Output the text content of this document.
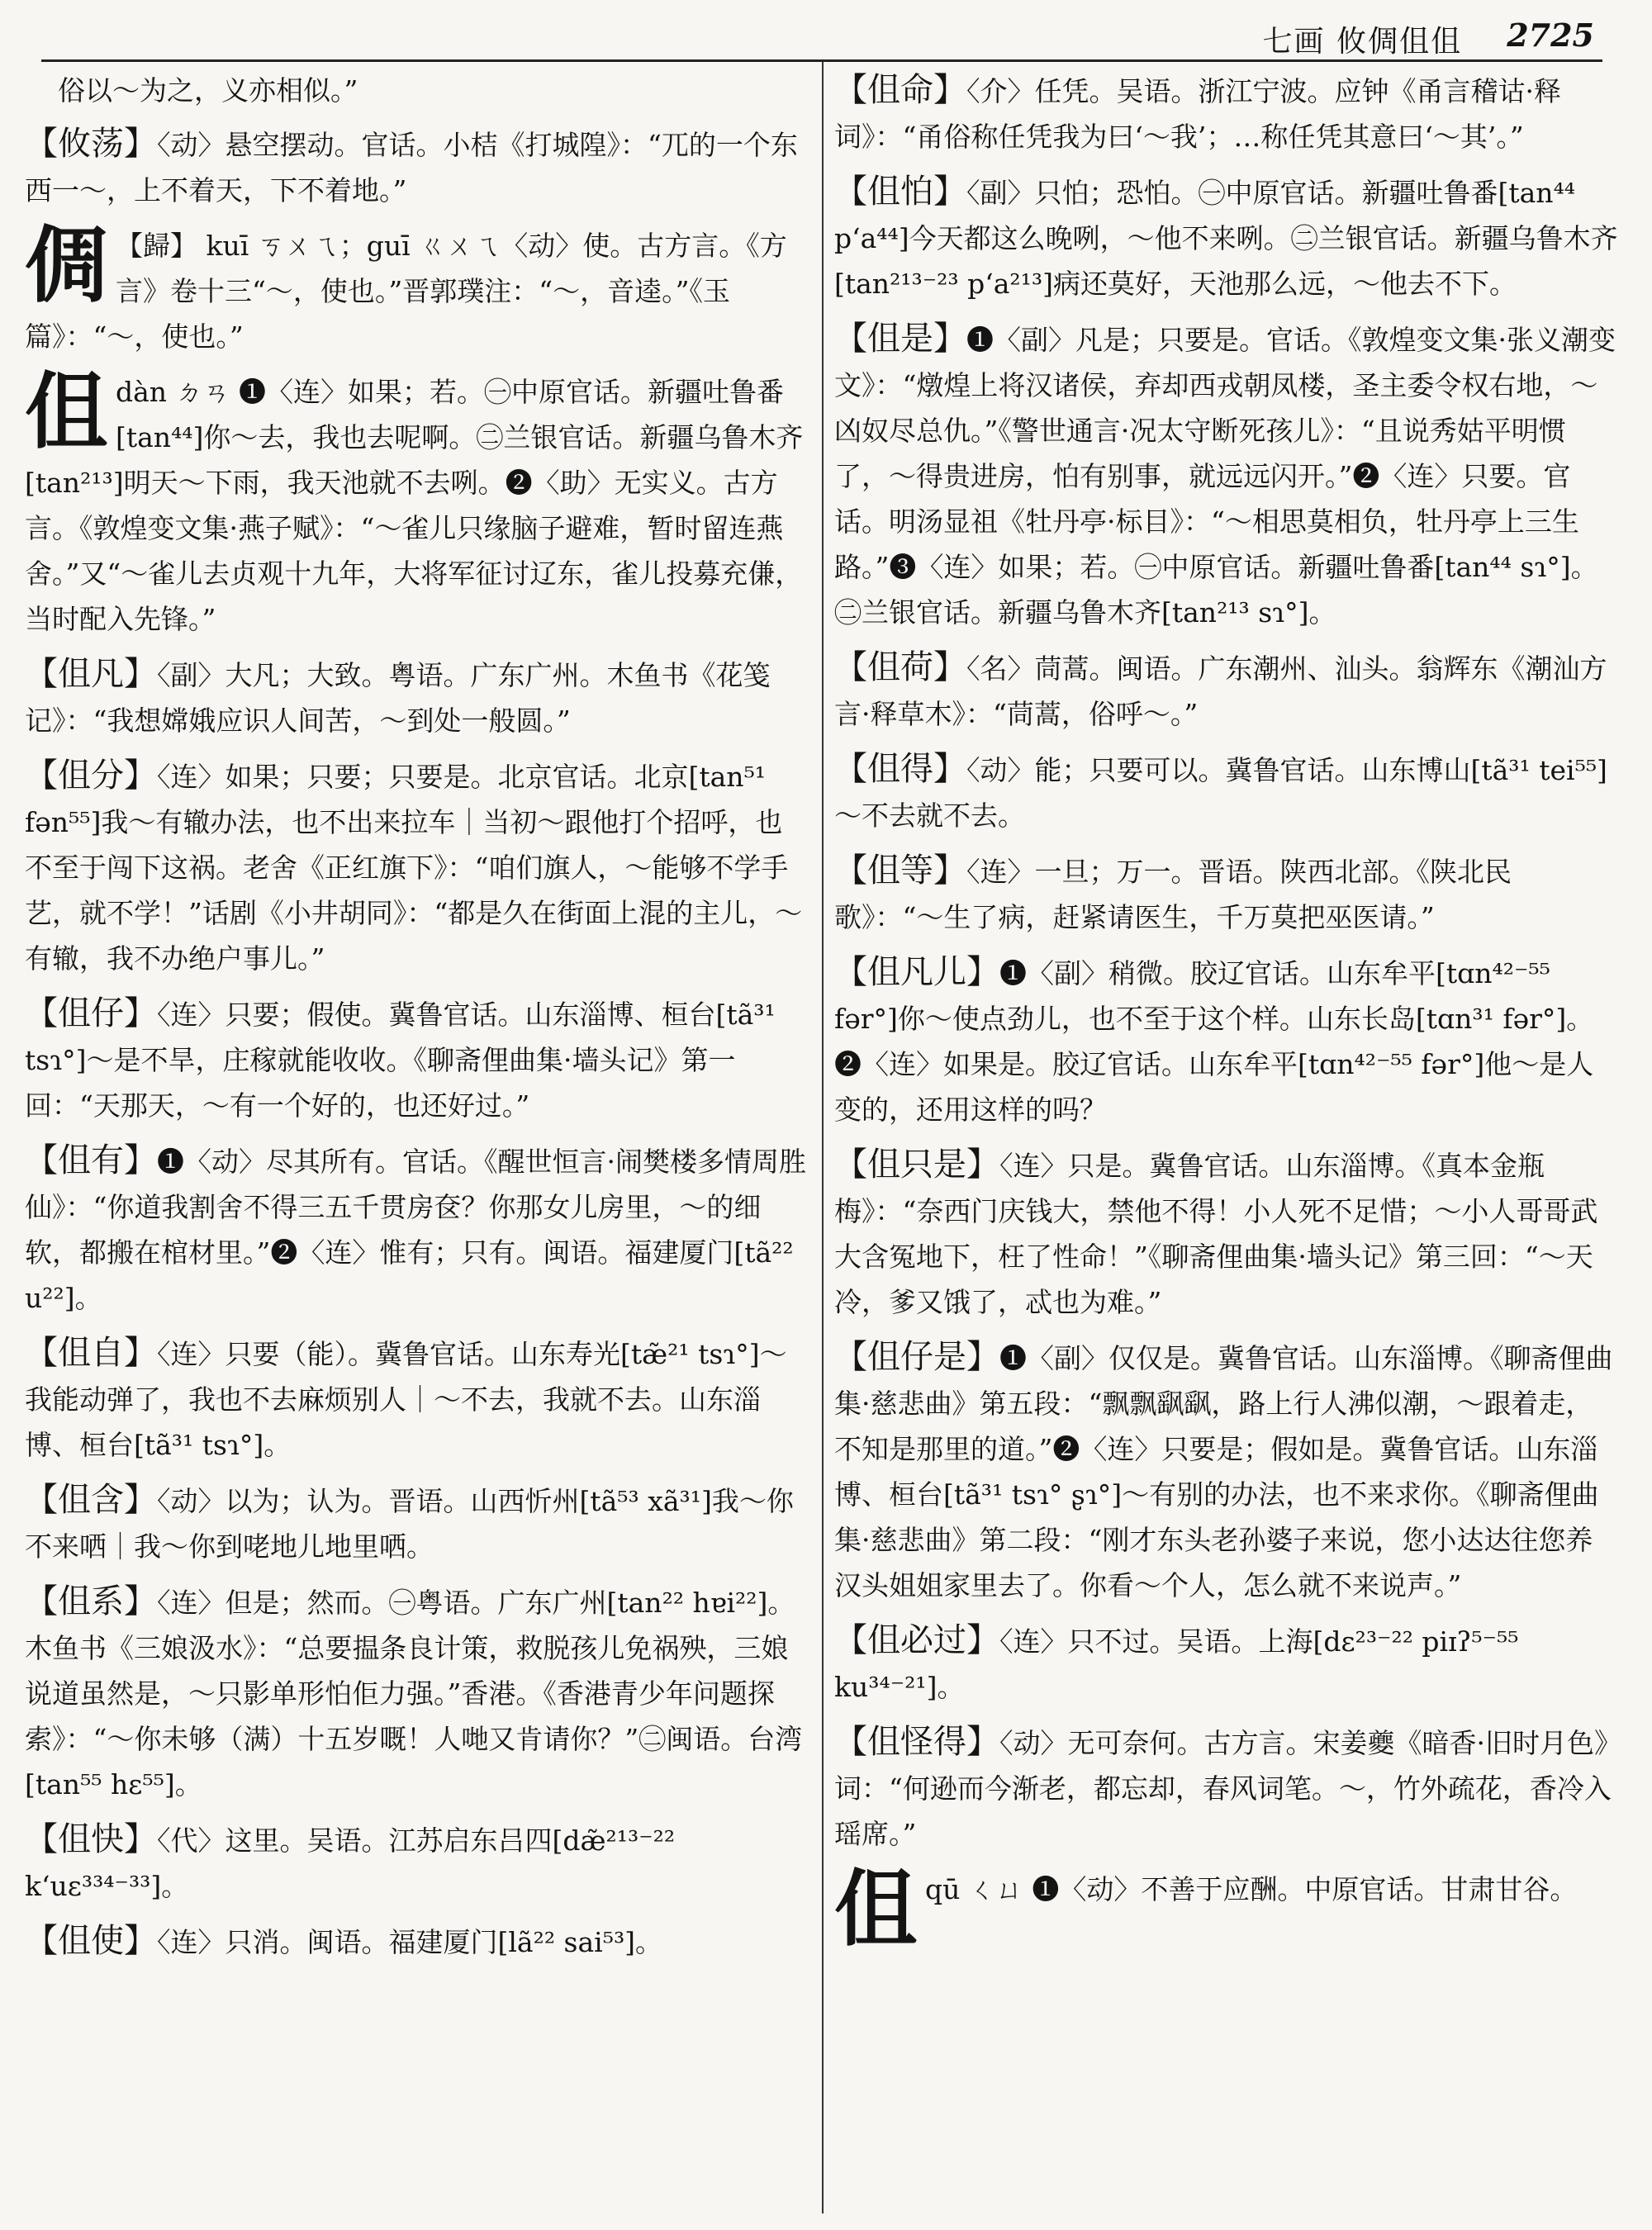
七画 攸倜伹伹 2725
俗以～为之，义亦相似。”
【攸荡】〈动〉悬空摆动。官话。小桔《打城隍》：“兀的一个东西一～，上不着天，下不着地。”
倜 【歸】 kuī ㄎㄨㄟ；guī ㄍㄨㄟ〈动〉使。古方言。《方言》卷十三“～，使也。”晋郭璞注：“～，音逵。”《玉篇》：“～，使也。”
伹dàn ㄉㄢ ❶〈连〉如果；若。㊀中原官话。新疆吐鲁番[tan⁴⁴]你～去，我也去呢啊。㊁兰银官话。新疆乌鲁木齐[tan²¹³]明天～下雨，我天池就不去咧。❷〈助〉无实义。古方言。《敦煌变文集·燕子赋》：“～雀儿只缘脑子避难，暂时留连燕舍。”又“～雀儿去贞观十九年，大将军征讨辽东，雀儿投募充傔，当时配入先锋。”
【伹凡】〈副〉大凡；大致。粤语。广东广州。木鱼书《花笺记》：“我想嫦娥应识人间苦，～到处一般圆。”
【伹分】〈连〉如果；只要；只要是。北京官话。北京[tan⁵¹ fən⁵⁵]我～有辙办法，也不出来拉车｜当初～跟他打个招呼，也不至于闯下这祸。老舍《正红旗下》：“咱们旗人，～能够不学手艺，就不学！”话剧《小井胡同》：“都是久在街面上混的主儿，～有辙，我不办绝户事儿。”
【伹仔】〈连〉只要；假使。冀鲁官话。山东淄博、桓台[tã³¹ tsɿ°]～是不旱，庄稼就能收收。《聊斋俚曲集·墙头记》第一回：“天那天，～有一个好的，也还好过。”
【伹有】❶〈动〉尽其所有。官话。《醒世恒言·闹樊楼多情周胜仙》：“你道我割舍不得三五千贯房奁？你那女儿房里，～的细软，都搬在棺材里。”❷〈连〉惟有；只有。闽语。福建厦门[tã²² u²²]。
【伹自】〈连〉只要（能）。冀鲁官话。山东寿光[tæ̃²¹ tsɿ°]～我能动弹了，我也不去麻烦别人｜～不去，我就不去。山东淄博、桓台[tã³¹ tsɿ°]。
【伹含】〈动〉以为；认为。晋语。山西忻州[tã⁵³ xã³¹]我～你不来哂｜我～你到咾地儿地里哂。
【伹系】〈连〉但是；然而。㊀粤语。广东广州[tan²² hɐi²²]。木鱼书《三娘汲水》：“总要揾条良计策，救脱孩儿免祸殃，三娘说道虽然是，～只影单形怕佢力强。”香港。《香港青少年问题探索》：“～你未够（满）十五岁嘅！人哋又肯请你？”㊁闽语。台湾[tan⁵⁵ hɛ⁵⁵]。
【伹快】〈代〉这里。吴语。江苏启东吕四[dæ̃²¹³⁻²² k‘uɛ³³⁴⁻³³]。
【伹使】〈连〉只消。闽语。福建厦门[lã²² sai⁵³]。
【伹命】〈介〉任凭。吴语。浙江宁波。应钟《甬言稽诂·释词》：“甬俗称任凭我为曰‘～我’；…称任凭其意曰‘～其’。”
【伹怕】〈副〉只怕；恐怕。㊀中原官话。新疆吐鲁番[tan⁴⁴ p‘a⁴⁴]今天都这么晚咧，～他不来咧。㊁兰银官话。新疆乌鲁木齐[tan²¹³⁻²³ p‘a²¹³]病还莫好，天池那么远，～他去不下。
【伹是】❶〈副〉凡是；只要是。官话。《敦煌变文集·张义潮变文》：“燉煌上将汉诸侯，弃却西戎朝凤楼，圣主委令权右地，～凶奴尽总仇。”《警世通言·况太守断死孩儿》：“且说秀姑平明惯了，～得贵进房，怕有别事，就远远闪开。”❷〈连〉只要。官话。明汤显祖《牡丹亭·标目》：“～相思莫相负，牡丹亭上三生路。”❸〈连〉如果；若。㊀中原官话。新疆吐鲁番[tan⁴⁴ sɿ°]。㊁兰银官话。新疆乌鲁木齐[tan²¹³ sɿ°]。
【伹荷】〈名〉茼蒿。闽语。广东潮州、汕头。翁辉东《潮汕方言·释草木》：“茼蒿，俗呼～。”
【伹得】〈动〉能；只要可以。冀鲁官话。山东博山[tã³¹ tei⁵⁵]～不去就不去。
【伹等】〈连〉一旦；万一。晋语。陕西北部。《陕北民歌》：“～生了病，赶紧请医生，千万莫把巫医请。”
【伹凡儿】❶〈副〉稍微。胶辽官话。山东牟平[tɑn⁴²⁻⁵⁵ fər°]你～使点劲儿，也不至于这个样。山东长岛[tɑn³¹ fər°]。❷〈连〉如果是。胶辽官话。山东牟平[tɑn⁴²⁻⁵⁵ fər°]他～是人变的，还用这样的吗？
【伹只是】〈连〉只是。冀鲁官话。山东淄博。《真本金瓶梅》：“奈西门庆钱大，禁他不得！小人死不足惜；～小人哥哥武大含冤地下，枉了性命！”《聊斋俚曲集·墙头记》第三回：“～天冷，爹又饿了，忒也为难。”
【伹仔是】❶〈副〉仅仅是。冀鲁官话。山东淄博。《聊斋俚曲集·慈悲曲》第五段：“飘飘飖飖，路上行人沸似潮，～跟着走，不知是那里的道。”❷〈连〉只要是；假如是。冀鲁官话。山东淄博、桓台[tã³¹ tsɿ° ʂɿ°]～有别的办法，也不来求你。《聊斋俚曲集·慈悲曲》第二段：“刚才东头老孙婆子来说，您小达达往您养汉头姐姐家里去了。你看～个人，怎么就不来说声。”
【伹必过】〈连〉只不过。吴语。上海[dɛ²³⁻²² piɪʔ⁵⁻⁵⁵ ku³⁴⁻²¹]。
【伹怪得】〈动〉无可奈何。古方言。宋姜夔《暗香·旧时月色》词：“何逊而今渐老，都忘却，春风词笔。～，竹外疏花，香冷入瑶席。”
伹qū ㄑㄩ ❶〈动〉不善于应酬。中原官话。甘肃甘谷。
